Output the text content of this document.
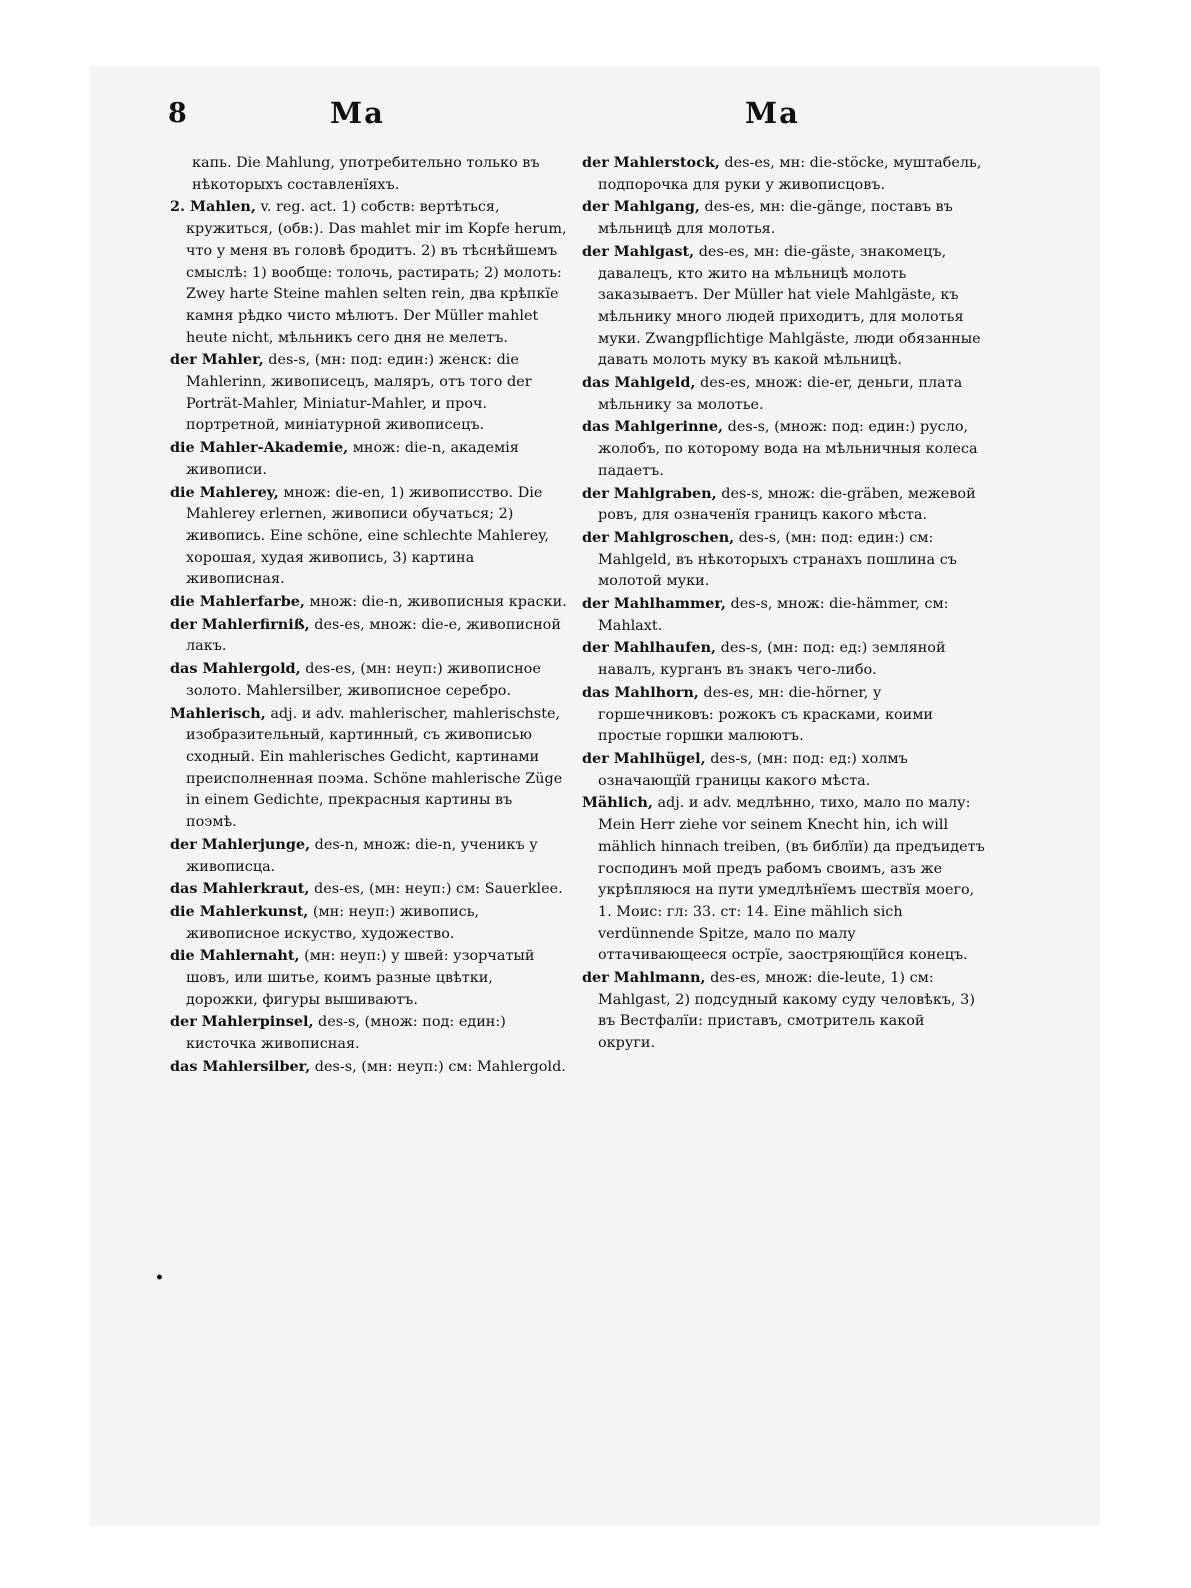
8	Ma	Ma
•

капь. Die Mahlung, употребительно только въ нѣкоторыхъ составленїяхъ.

2. Mahlen, v. reg. act. 1) собств: вертѣться, кружиться, (обв:). Das mahlet mir im Kopfe herum, что у меня въ головѣ бродитъ. 2) въ тѣснѣйшемъ смыслѣ: 1) вообще: толочь, растирать; 2) молоть: Zwey harte Steine mahlen selten rein, два крѣпкїе камня рѣдко чисто мѣлютъ. Der Müller mahlet heute nicht, мѣльникъ сего дня не мелетъ.

der Mahler, des-s, (мн: под: един:) женск: die Mahlerinn, живописецъ, маляръ, отъ того der Porträt-Mahler, Miniatur-Mahler, и проч. портретной, миніатурной живописецъ.

die Mahler-Akademie, множ: die-n, академія живописи.

die Mahlerey, множ: die-en, 1) живописство. Die Mahlerey erlernen, живописи обучаться; 2) живопись. Eine schöne, eine schlechte Mahlerey, хорошая, худая живопись, 3) картина живописная.

die Mahlerfarbe, множ: die-n, живописныя краски.

der Mahlerfirniß, des-es, множ: die-e, живописной лакъ.

das Mahlergold, des-es, (мн: неуп:) живописное золото. Mahlersilber, живописное серебро.

Mahlerisch, adj. и adv. mahlerischer, mahlerischste, изобразительный, картинный, съ живописью сходный. Ein mahlerisches Gedicht, картинами преисполненная поэма. Schöne mahlerische Züge in einem Gedichte, прекрасныя картины въ поэмѣ.

der Mahlerjunge, des-n, множ: die-n, ученикъ у живописца.

das Mahlerkraut, des-es, (мн: неуп:) см: Sauerklee.

die Mahlerkunst, (мн: неуп:) живопись, живописное искуство, художество.

die Mahlernaht, (мн: неуп:) у швей: узорчатый шовъ, или шитье, коимъ разные цвѣтки, дорожки, фигуры вышиваютъ.

der Mahlerpinsel, des-s, (множ: под: един:) кисточка живописная.

das Mahlersilber, des-s, (мн: неуп:) см: Mahlergold.

der Mahlerstock, des-es, мн: die-stöcke, муштабель, подпорочка для руки у живописцовъ.

der Mahlgang, des-es, мн: die-gänge, поставъ въ мѣльницѣ для молотья.

der Mahlgast, des-es, мн: die-gäste, знакомецъ, давалецъ, кто жито на мѣльницѣ молоть заказываетъ. Der Müller hat viele Mahlgäste, къ мѣльнику много людей приходитъ, для молотья муки. Zwangpflichtige Mahlgäste, люди обязанные давать молоть муку въ какой мѣльницѣ.

das Mahlgeld, des-es, множ: die-er, деньги, плата мѣльнику за молотье.

das Mahlgerinne, des-s, (множ: под: един:) русло, жолобъ, по которому вода на мѣльничныя колеса падаетъ.

der Mahlgraben, des-s, множ: die-gräben, межевой ровъ, для означенїя границъ какого мѣста.

der Mahlgroschen, des-s, (мн: под: един:) см: Mahlgeld, въ нѣкоторыхъ странахъ пошлина съ молотой муки.

der Mahlhammer, des-s, множ: die-hämmer, см: Mahlaxt.

der Mahlhaufen, des-s, (мн: под: ед:) земляной навалъ, курганъ въ знакъ чего-либо.

das Mahlhorn, des-es, мн: die-hörner, у горшечниковъ: рожокъ съ красками, коими простые горшки малюютъ.

der Mahlhügel, des-s, (мн: под: ед:) холмъ означающїй границы какого мѣста.

Mählich, adj. и adv. медлѣнно, тихо, мало по малу: Mein Herr ziehe vor seinem Knecht hin, ich will mählich hinnach treiben, (въ библїи) да предъидетъ господинъ мой предъ рабомъ своимъ, азъ же укрѣпляюся на пути умедлѣнїемъ шествїя моего, 1. Моис: гл: 33. ст: 14. Eine mählich sich verdünnende Spitze, мало по малу оттачивающееся острїе, заостряющїйся конецъ.

der Mahlmann, des-es, множ: die-leute, 1) см: Mahlgast, 2) подсудный какому суду человѣкъ, 3) въ Вестфалїи: приставъ, смотритель какой округи.
